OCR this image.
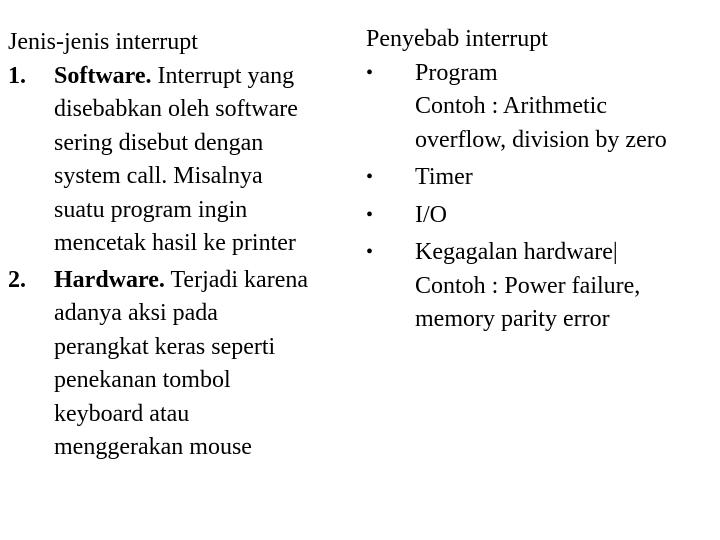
Jenis-jenis interrupt
1. Software. Interrupt yang
disebabkan oleh software
sering disebut dengan
system call. Misalnya
suatu program ingin
mencetak hasil ke printer
2. Hardware. Terjadi karena
adanya aksi pada
perangkat keras seperti
penekanan tombol
keyboard atau
menggerakan mouse
Penyebab interrupt
• Program
Contoh : Arithmetic
overflow, division by zero
• Timer
• I/O
• Kegagalan hardware|
Contoh : Power failure,
memory parity error
